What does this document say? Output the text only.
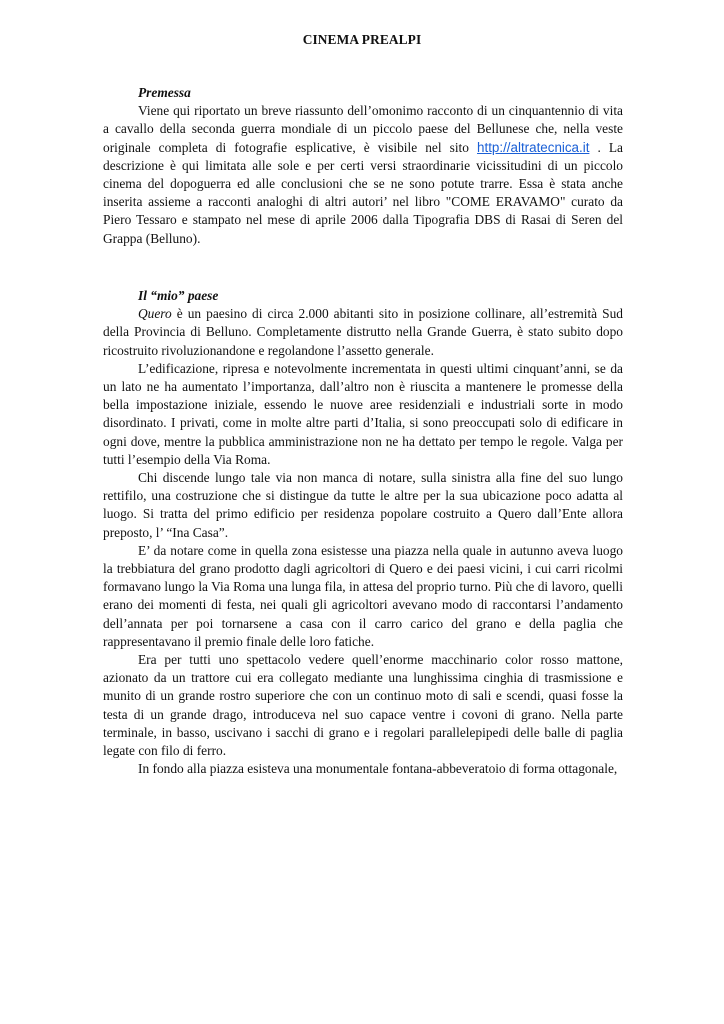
CINEMA PREALPI

Premessa

Viene qui riportato un breve riassunto dell’omonimo racconto di un cinquantennio di vita a cavallo della seconda guerra mondiale di un piccolo paese del Bellunese che, nella veste originale completa di fotografie esplicative, è visibile nel sito http://altratecnica.it . La descrizione è qui limitata alle sole e per certi versi straordinarie vicissitudini di un piccolo cinema del dopoguerra ed alle conclusioni che se ne sono potute trarre. Essa è stata anche inserita assieme a racconti analoghi di altri autori’ nel libro "COME ERAVAMO" curato da Piero Tessaro e stampato nel mese di aprile 2006 dalla Tipografia DBS di Rasai di Seren del Grappa (Belluno).

Il “mio” paese

Quero è un paesino di circa 2.000 abitanti sito in posizione collinare, all’estremità Sud della Provincia di Belluno. Completamente distrutto nella Grande Guerra, è stato subito dopo ricostruito rivoluzionandone e regolandone l’assetto generale.

L’edificazione, ripresa e notevolmente incrementata in questi ultimi cinquant’anni, se da un lato ne ha aumentato l’importanza, dall’altro non è riuscita a mantenere le promesse della bella impostazione iniziale, essendo le nuove aree residenziali e industriali sorte in modo disordinato. I privati, come in molte altre parti d’Italia, si sono preoccupati solo di edificare in ogni dove, mentre la pubblica amministrazione non ne ha dettato per tempo le regole. Valga per tutti l’esempio della Via Roma.

Chi discende lungo tale via non manca di notare, sulla sinistra alla fine del suo lungo rettifilo, una costruzione che si distingue da tutte le altre per la sua ubicazione poco adatta al luogo. Si tratta del primo edificio per residenza popolare costruito a Quero dall’Ente allora preposto, l’ “Ina Casa”.

E’ da notare come in quella zona esistesse una piazza nella quale in autunno aveva luogo la trebbiatura del grano prodotto dagli agricoltori di Quero e dei paesi vicini, i cui carri ricolmi formavano lungo la Via Roma una lunga fila, in attesa del proprio turno. Più che di lavoro, quelli erano dei momenti di festa, nei quali gli agricoltori avevano modo di raccontarsi l’andamento dell’annata per poi tornarsene a casa con il carro carico del grano e della paglia che rappresentavano il premio finale delle loro fatiche.

Era per tutti uno spettacolo vedere quell’enorme macchinario color rosso mattone, azionato da un trattore cui era collegato mediante una lunghissima cinghia di trasmissione e munito di un grande rostro superiore che con un continuo moto di sali e scendi, quasi fosse la testa di un grande drago, introduceva nel suo capace ventre i covoni di grano. Nella parte terminale, in basso, uscivano i sacchi di grano e i regolari parallelepipedi delle balle di paglia legate con filo di ferro.

In fondo alla piazza esisteva una monumentale fontana-abbeveratoio di forma ottagonale,
